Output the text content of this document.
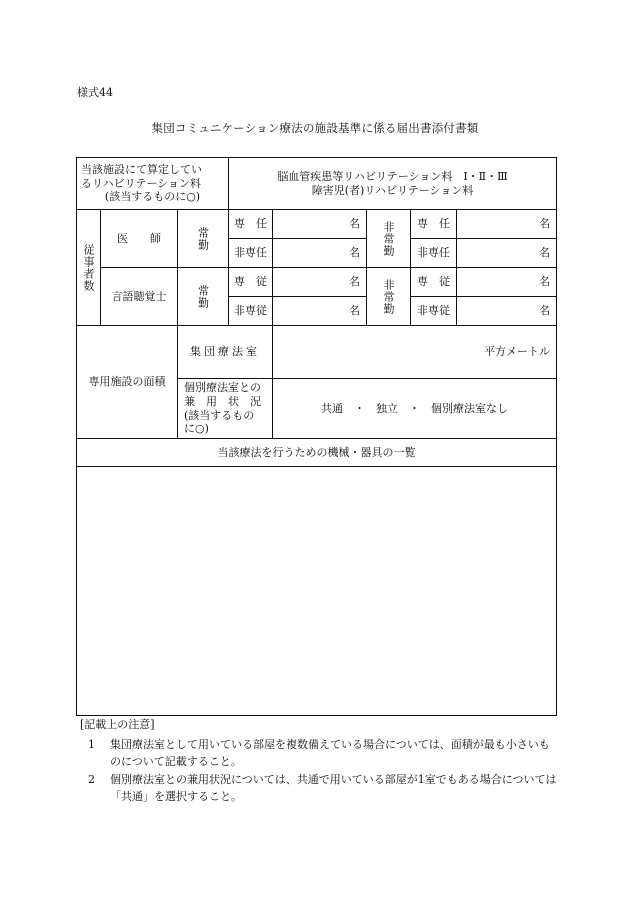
様式44
集団コミュニケーション療法の施設基準に係る届出書添付書類
当該施設にて算定してい
るリハビリテーション料

(該当するものに○)			脳血管疾患等リハビリテーション料　Ⅰ・Ⅱ・Ⅲ
障害児(者)リハビリテーション料				

従事者数	医　　師	常勤	専　任	名	非常勤	専　任	名
			非専任	名		非専任	名
	言語聴覚士	常勤	専　従	名	非常勤	専　従	名
			非専従	名		非専従	名
専用施設の面積		集団療法室		平方メートル			
		個別療法室との
兼　用　状　況
(該当するもの
に○)		共通　・　独立　・　個別療法室なし			
当該療法を行うための機械・器具の一覧							

[記載上の注意]
1	集団療法室として用いている部屋を複数備えている場合については、面積が最も小さいものについて記載すること。
2	個別療法室との兼用状況については、共通で用いている部屋が1室でもある場合については「共通」を選択すること。
